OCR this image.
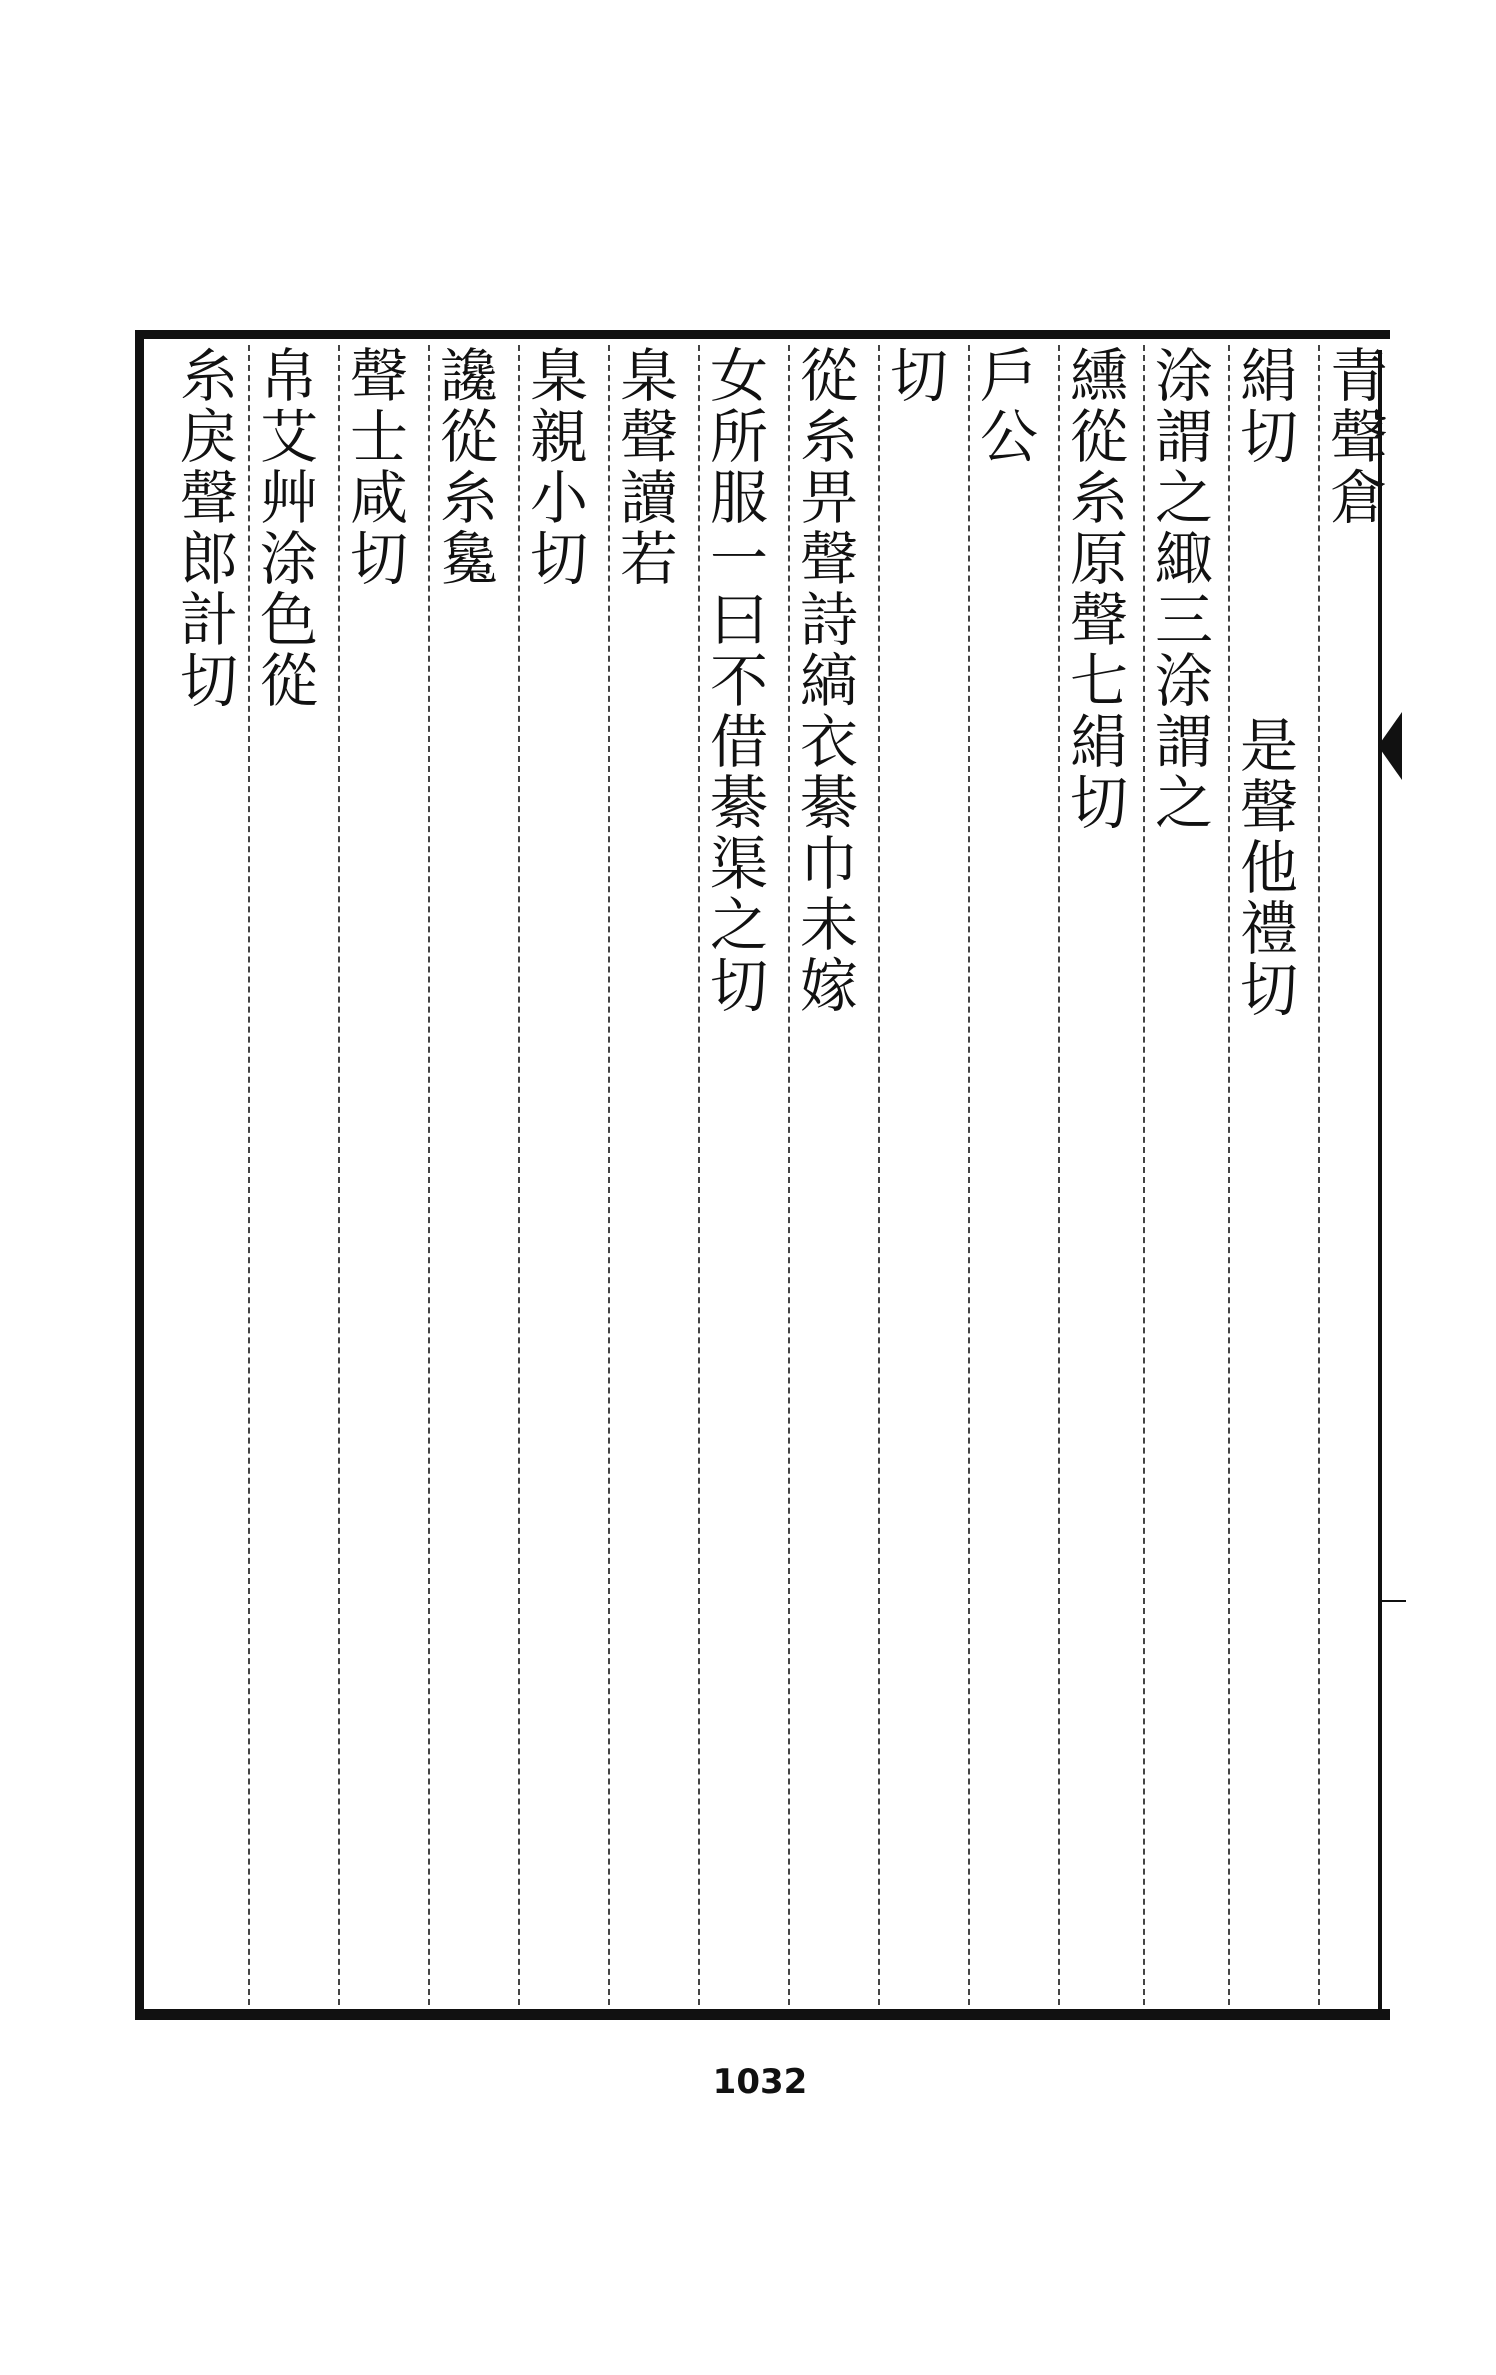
青聲倉
絹切
是聲他禮切
涂謂之緅三涂謂之
纁從糸原聲七絹切
戶公
切
從糸畀聲詩縞衣綦巾未嫁
女所服一曰不借綦渠之切
臬聲讀若
臬親小切
讒從糸毚
聲士咸切
帛艾艸涂色從
糸戾聲郎計切
1032
